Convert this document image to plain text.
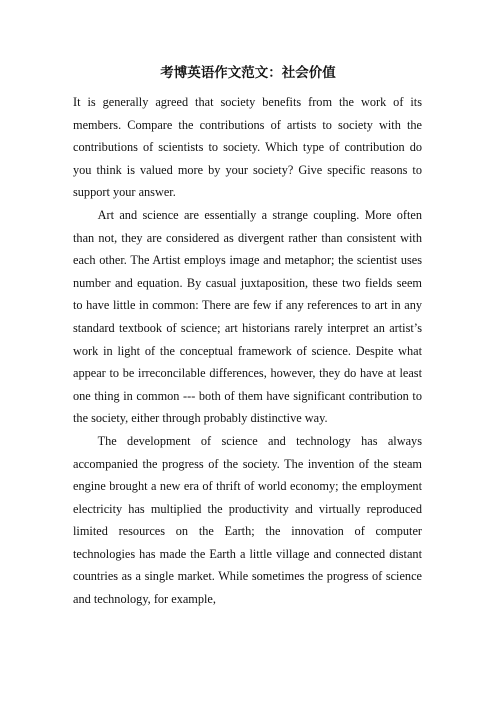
考博英语作文范文：社会价值

It is generally agreed that society benefits from the work of its members. Compare the contributions of artists to society with the contributions of scientists to society. Which type of contribution do you think is valued more by your society? Give specific reasons to support your answer.

Art and science are essentially a strange coupling. More often than not, they are considered as divergent rather than consistent with each other. The Artist employs image and metaphor; the scientist uses number and equation. By casual juxtaposition, these two fields seem to have little in common: There are few if any references to art in any standard textbook of science; art historians rarely interpret an artist’s work in light of the conceptual framework of science. Despite what appear to be irreconcilable differences, however, they do have at least one thing in common --- both of them have significant contribution to the society, either through probably distinctive way.

The development of science and technology has always accompanied the progress of the society. The invention of the steam engine brought a new era of thrift of world economy; the employment electricity has multiplied the productivity and virtually reproduced limited resources on the Earth; the innovation of computer technologies has made the Earth a little village and connected distant countries as a single market. While sometimes the progress of science and technology, for example,
